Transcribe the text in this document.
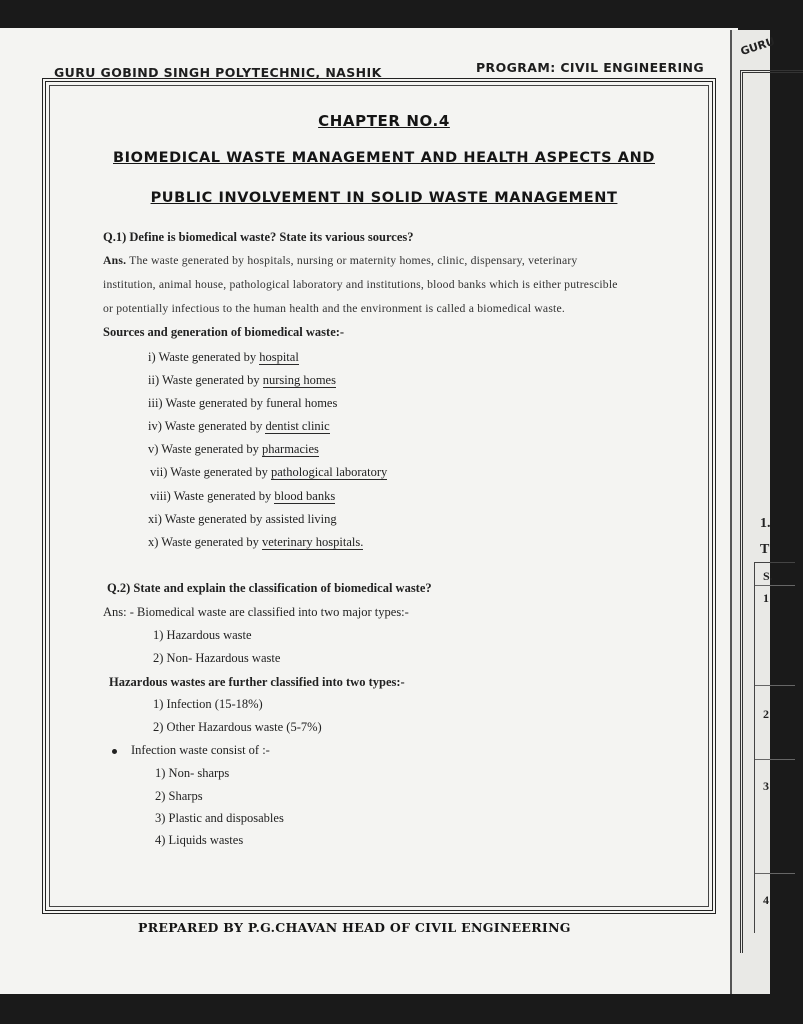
GURU
1.
T
S.
1
2
3
4
GURU GOBIND SINGH POLYTECHNIC, NASHIK	PROGRAM: CIVIL ENGINEERING
CHAPTER NO.4
BIOMEDICAL WASTE MANAGEMENT AND HEALTH ASPECTS AND
PUBLIC INVOLVEMENT IN SOLID WASTE MANAGEMENT
Q.1) Define is biomedical waste? State its various sources?
Ans. The waste generated by hospitals, nursing or maternity homes, clinic, dispensary, veterinary
institution, animal house, pathological laboratory and institutions, blood banks which is either putrescible
or potentially infectious to the human health and the environment is called a biomedical waste.
Sources and generation of biomedical waste:-
i) Waste generated by hospital
ii) Waste generated by nursing homes
iii) Waste generated by funeral homes
iv) Waste generated by dentist clinic
v) Waste generated by pharmacies
vii) Waste generated by pathological laboratory
viii) Waste generated by blood banks
xi) Waste generated by assisted living
x) Waste generated by veterinary hospitals.
Q.2) State and explain the classification of biomedical waste?
Ans: - Biomedical waste are classified into two major types:-
1) Hazardous waste
2) Non- Hazardous waste
Hazardous wastes are further classified into two types:-
1) Infection (15-18%)
2) Other Hazardous waste (5-7%)
Infection waste consist of :-
1) Non- sharps
2) Sharps
3) Plastic and disposables
4) Liquids wastes
PREPARED BY P.G.CHAVAN HEAD OF CIVIL ENGINEERING
